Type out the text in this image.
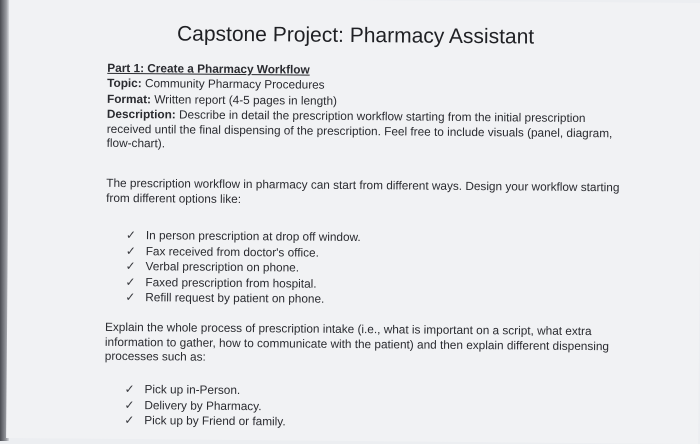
Capstone Project: Pharmacy Assistant
Part 1: Create a Pharmacy Workflow
Topic: Community Pharmacy Procedures
Format: Written report (4-5 pages in length)
Description: Describe in detail the prescription workflow starting from the initial prescription
received until the final dispensing of the prescription. Feel free to include visuals (panel, diagram,
flow-chart).
The prescription workflow in pharmacy can start from different ways. Design your workflow starting
from different options like:
✓ In person prescription at drop off window.
✓ Fax received from doctor's office.
✓ Verbal prescription on phone.
✓ Faxed prescription from hospital.
✓ Refill request by patient on phone.
Explain the whole process of prescription intake (i.e., what is important on a script, what extra
information to gather, how to communicate with the patient) and then explain different dispensing
processes such as:
✓ Pick up in-Person.
✓ Delivery by Pharmacy.
✓ Pick up by Friend or family.
